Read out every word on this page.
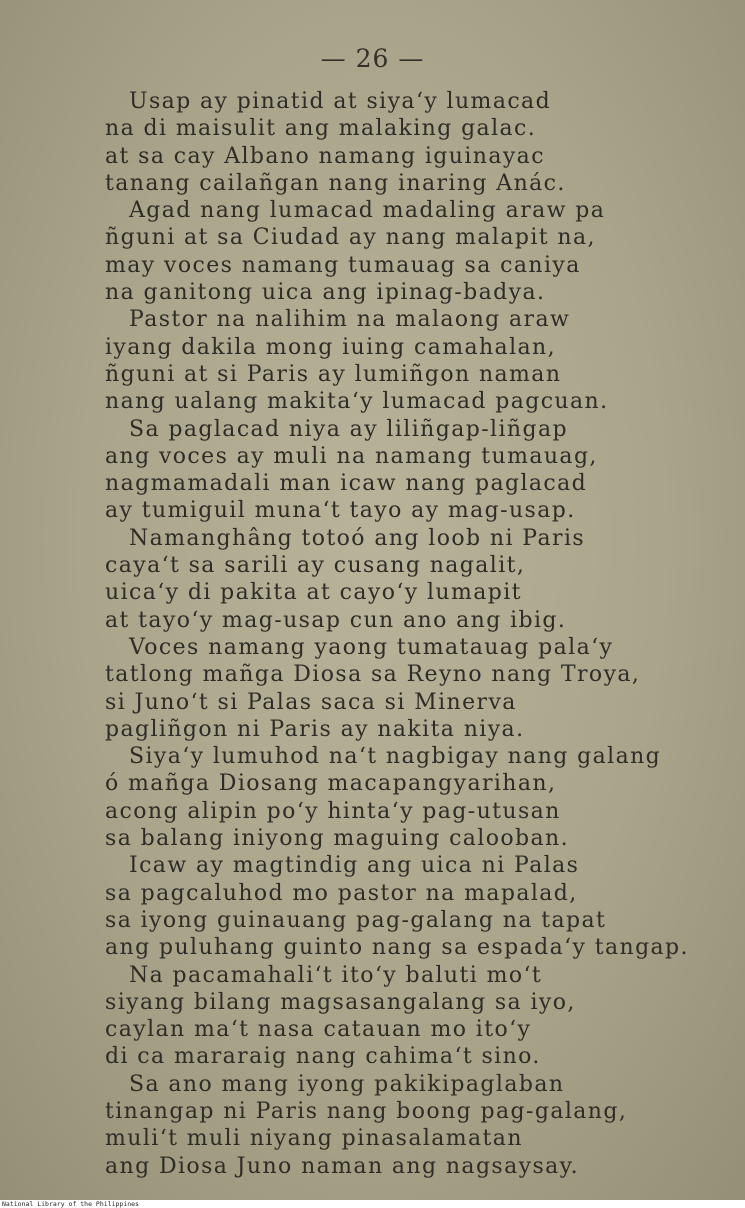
— 26 —
Usap ay pinatid at siya‘y lumacad
na di maisulit ang malaking galac.
at sa cay Albano namang iguinayac
tanang cailañgan nang inaring Anác.
Agad nang lumacad madaling araw pa
ñguni at sa Ciudad ay nang malapit na,
may voces namang tumauag sa caniya
na ganitong uica ang ipinag-badya.
Pastor na nalihim na malaong araw
iyang dakila mong iuing camahalan,
ñguni at si Paris ay lumiñgon naman
nang ualang makita‘y lumacad pagcuan.
Sa paglacad niya ay liliñgap-liñgap
ang voces ay muli na namang tumauag,
nagmamadali man icaw nang paglacad
ay tumiguil muna‘t tayo ay mag-usap.
Namanghâng totoó ang loob ni Paris
caya‘t sa sarili ay cusang nagalit,
uica‘y di pakita at cayo‘y lumapit
at tayo‘y mag-usap cun ano ang ibig.
Voces namang yaong tumatauag pala‘y
tatlong mañga Diosa sa Reyno nang Troya,
si Juno‘t si Palas saca si Minerva
pagliñgon ni Paris ay nakita niya.
Siya‘y lumuhod na‘t nagbigay nang galang
ó mañga Diosang macapangyarihan,
acong alipin po‘y hinta‘y pag-utusan
sa balang iniyong maguing calooban.
Icaw ay magtindig ang uica ni Palas
sa pagcaluhod mo pastor na mapalad,
sa iyong guinauang pag-galang na tapat
ang puluhang guinto nang sa espada‘y tangap.
Na pacamahali‘t ito‘y baluti mo‘t
siyang bilang magsasangalang sa iyo,
caylan ma‘t nasa catauan mo ito‘y
di ca mararaig nang cahima‘t sino.
Sa ano mang iyong pakikipaglaban
tinangap ni Paris nang boong pag-galang,
muli‘t muli niyang pinasalamatan
ang Diosa Juno naman ang nagsaysay.
National Library of the Philippines
